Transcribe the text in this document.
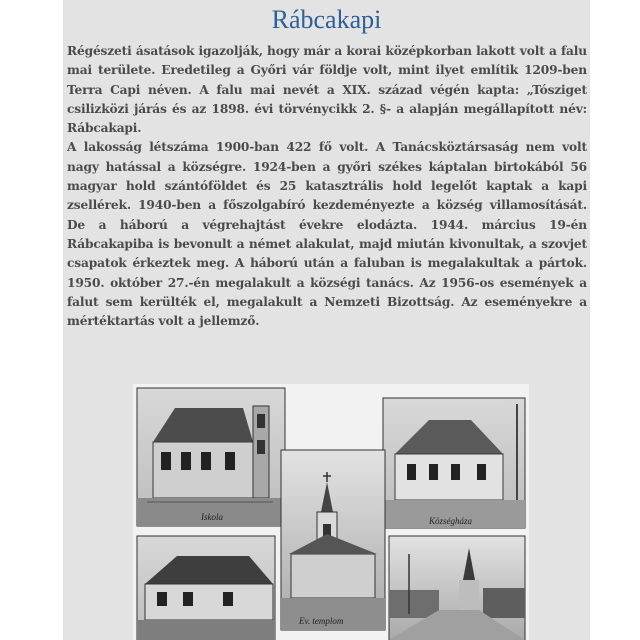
Rábcakapi

Régészeti ásatások igazolják, hogy már a korai középkorban lakott volt a falu mai területe. Eredetileg a Győri vár földje volt, mint ilyet említik 1209-ben Terra Capi néven. A falu mai nevét a XIX. század végén kapta: „Tósziget csilizközi járás és az 1898. évi törvénycikk 2. §- a alapján megállapított név: Rábcakapi.

A lakosság létszáma 1900-ban 422 fő volt. A Tanácsköztársaság nem volt nagy hatással a községre. 1924-ben a győri székes káptalan birtokából 56 magyar hold szántóföldet és 25 katasztrális hold legelőt kaptak a kapi zsellérek. 1940-ben a főszolgabíró kezdeményezte a község villamosítását. De a háború a végrehajtást évekre elodázta. 1944. március 19-én Rábcakapiba is bevonult a német alakulat, majd miután kivonultak, a szovjet csapatok érkeztek meg. A háború után a faluban is megalakultak a pártok. 1950. október 27.-én megalakult a községi tanács. Az 1956-os események a falut sem kerülték el, megalakult a Nemzeti Bizottság. Az eseményekre a mértéktartás volt a jellemző.

Iskola	Községháza
Ev. templom
